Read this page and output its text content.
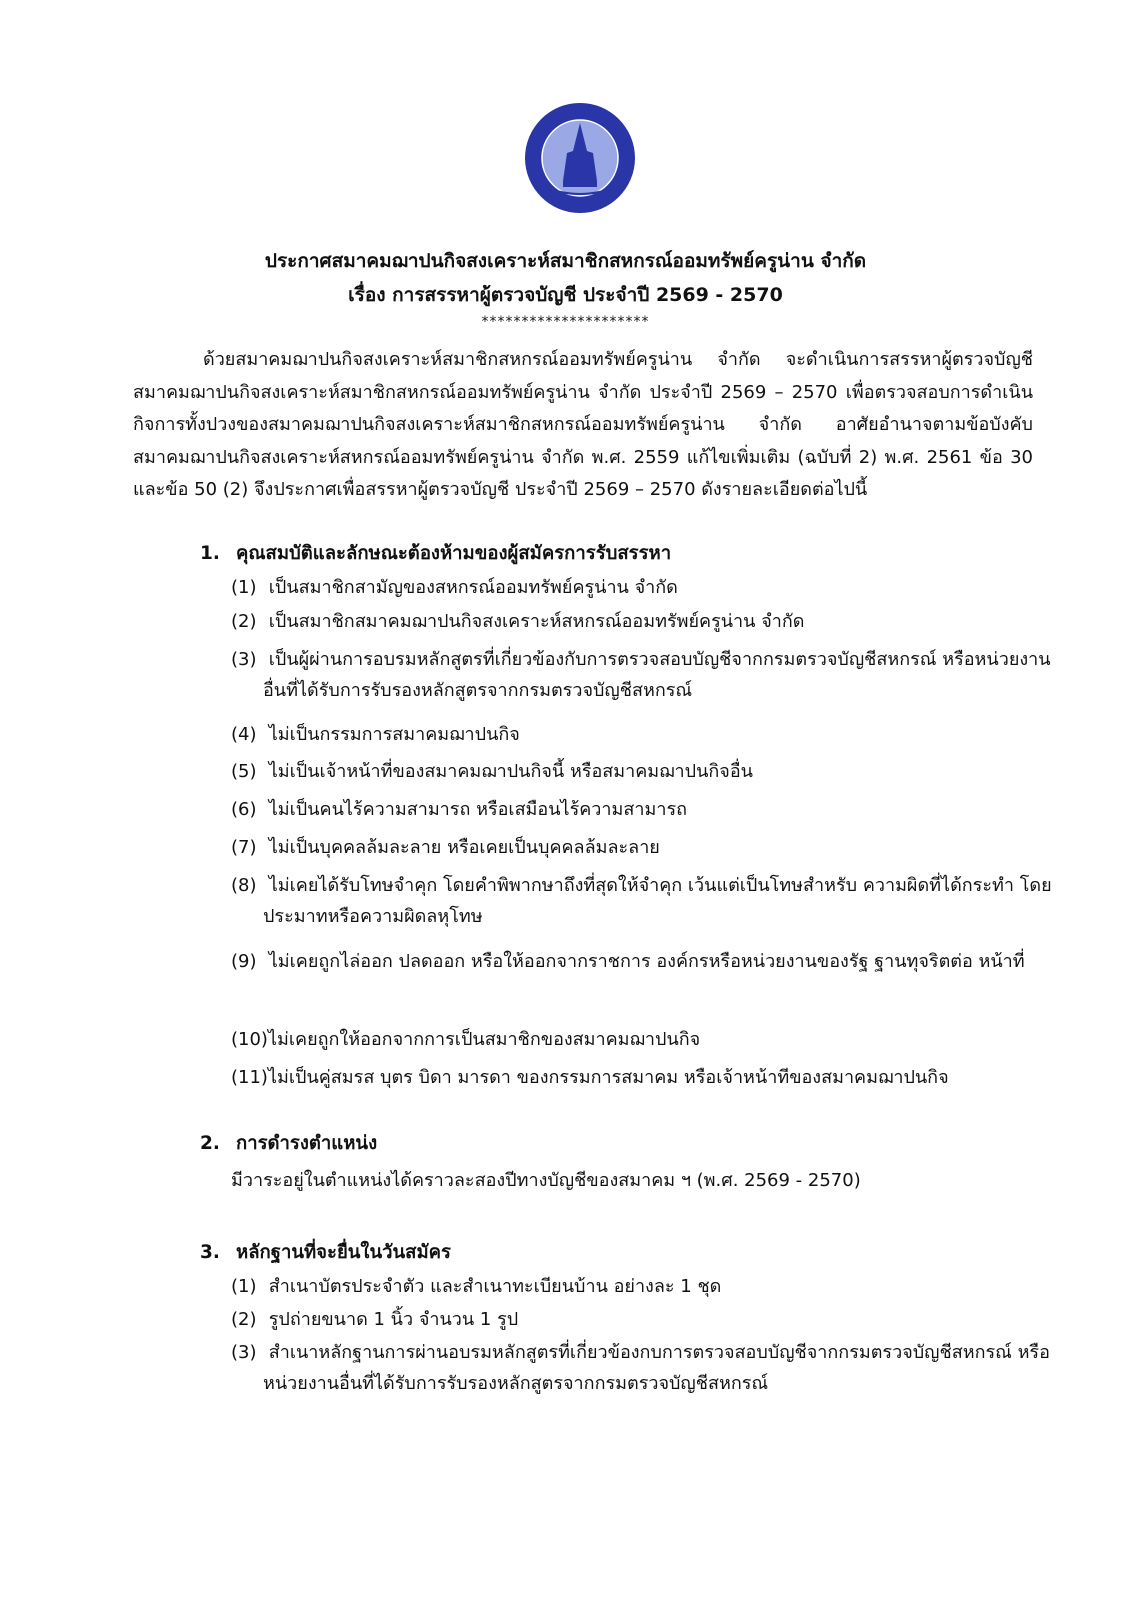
ประกาศสมาคมฌาปนกิจสงเคราะห์สมาชิกสหกรณ์ออมทรัพย์ครูน่าน จำกัด
เรื่อง การสรรหาผู้ตรวจบัญชี ประจำปี 2569 - 2570
*********************
ด้วยสมาคมฌาปนกิจสงเคราะห์สมาชิกสหกรณ์ออมทรัพย์ครูน่าน จำกัด จะดำเนินการสรรหาผู้ตรวจบัญชี สมาคมฌาปนกิจสงเคราะห์สมาชิกสหกรณ์ออมทรัพย์ครูน่าน จำกัด ประจำปี 2569 – 2570 เพื่อตรวจสอบการดำเนินกิจการทั้งปวงของสมาคมฌาปนกิจสงเคราะห์สมาชิกสหกรณ์ออมทรัพย์ครูน่าน จำกัด อาศัยอำนาจตามข้อบังคับสมาคมฌาปนกิจสงเคราะห์สหกรณ์ออมทรัพย์ครูน่าน จำกัด พ.ศ. 2559 แก้ไขเพิ่มเติม (ฉบับที่ 2) พ.ศ. 2561 ข้อ 30 และข้อ 50 (2) จึงประกาศเพื่อสรรหาผู้ตรวจบัญชี ประจำปี 2569 – 2570 ดังรายละเอียดต่อไปนี้
1. คุณสมบัติและลักษณะต้องห้ามของผู้สมัครการรับสรรหา
(1) เป็นสมาชิกสามัญของสหกรณ์ออมทรัพย์ครูน่าน จำกัด
(2) เป็นสมาชิกสมาคมฌาปนกิจสงเคราะห์สหกรณ์ออมทรัพย์ครูน่าน จำกัด
(3) เป็นผู้ผ่านการอบรมหลักสูตรที่เกี่ยวข้องกับการตรวจสอบบัญชีจากกรมตรวจบัญชีสหกรณ์ หรือหน่วยงานอื่นที่ได้รับการรับรองหลักสูตรจากกรมตรวจบัญชีสหกรณ์
(4) ไม่เป็นกรรมการสมาคมฌาปนกิจ
(5) ไม่เป็นเจ้าหน้าที่ของสมาคมฌาปนกิจนี้ หรือสมาคมฌาปนกิจอื่น
(6) ไม่เป็นคนไร้ความสามารถ หรือเสมือนไร้ความสามารถ
(7) ไม่เป็นบุคคลล้มละลาย หรือเคยเป็นบุคคลล้มละลาย
(8) ไม่เคยได้รับโทษจำคุก โดยคำพิพากษาถึงที่สุดให้จำคุก เว้นแต่เป็นโทษสำหรับ ความผิดที่ได้กระทำ โดยประมาทหรือความผิดลหุโทษ
(9) ไม่เคยถูกไล่ออก ปลดออก หรือให้ออกจากราชการ องค์กรหรือหน่วยงานของรัฐ ฐานทุจริตต่อ หน้าที่
(10)ไม่เคยถูกให้ออกจากการเป็นสมาชิกของสมาคมฌาปนกิจ
(11)ไม่เป็นคู่สมรส บุตร บิดา มารดา ของกรรมการสมาคม หรือเจ้าหน้าทีของสมาคมฌาปนกิจ
2. การดำรงตำแหน่ง
มีวาระอยู่ในตำแหน่งได้คราวละสองปีทางบัญชีของสมาคม ฯ (พ.ศ. 2569 - 2570)
3. หลักฐานที่จะยื่นในวันสมัคร
(1) สำเนาบัตรประจำตัว และสำเนาทะเบียนบ้าน อย่างละ 1 ชุด
(2) รูปถ่ายขนาด 1 นิ้ว จำนวน 1 รูป
(3) สำเนาหลักฐานการผ่านอบรมหลักสูตรที่เกี่ยวข้องกบการตรวจสอบบัญชีจากกรมตรวจบัญชีสหกรณ์ หรือหน่วยงานอื่นที่ได้รับการรับรองหลักสูตรจากกรมตรวจบัญชีสหกรณ์
